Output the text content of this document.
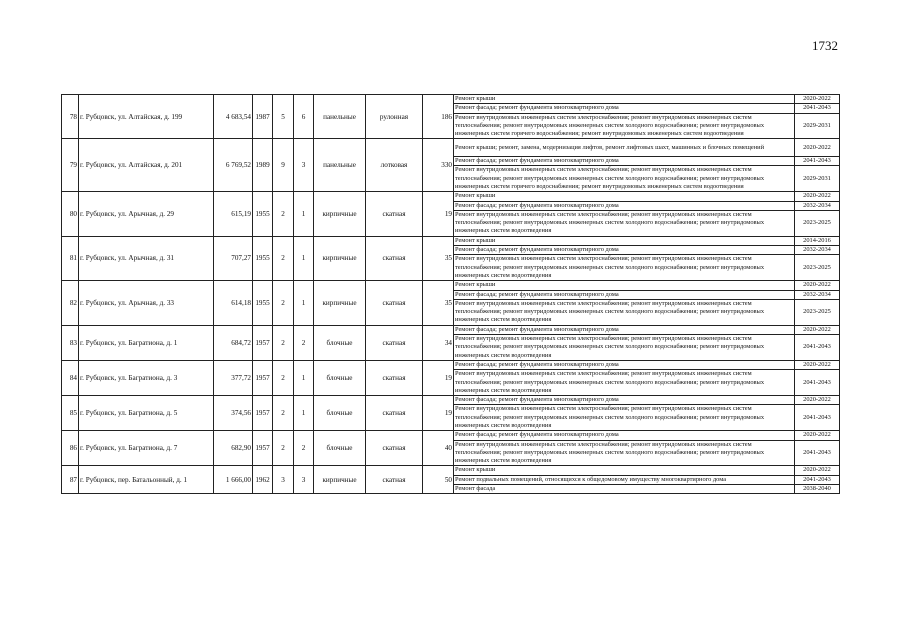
1732
78	г. Рубцовск, ул. Алтайская, д. 199	4 683,54	1987	5	6	панельные	рулонная	186	Ремонт крыши	2020-2022
									Ремонт фасада; ремонт фундамента многоквартирного дома	2041-2043
									Ремонт внутридомовых инженерных систем электроснабжения; ремонт внутридомовых инженерных систем теплоснабжения; ремонт внутридомовых инженерных систем холодного водоснабжения; ремонт внутридомовых инженерных систем горячего водоснабжения; ремонт внутридомовых инженерных систем водоотведения	2029-2031
79	г. Рубцовск, ул. Алтайская, д. 201	6 769,52	1989	9	3	панельные	лотковая	330	Ремонт крыши; ремонт, замена, модернизация лифтов, ремонт лифтовых шахт, машинных и блочных помещений	2020-2022
									Ремонт фасада; ремонт фундамента многоквартирного дома	2041-2043
									Ремонт внутридомовых инженерных систем электроснабжения; ремонт внутридомовых инженерных систем теплоснабжения; ремонт внутридомовых инженерных систем холодного водоснабжения; ремонт внутридомовых инженерных систем горячего водоснабжения; ремонт внутридомовых инженерных систем водоотведения	2029-2031
80	г. Рубцовск, ул. Арычная, д. 29	615,19	1955	2	1	кирпичные	скатная	19	Ремонт крыши	2020-2022
									Ремонт фасада; ремонт фундамента многоквартирного дома	2032-2034
									Ремонт внутридомовых инженерных систем электроснабжения; ремонт внутридомовых инженерных систем теплоснабжения; ремонт внутридомовых инженерных систем холодного водоснабжения; ремонт внутридомовых инженерных систем водоотведения	2023-2025
81	г. Рубцовск, ул. Арычная, д. 31	707,27	1955	2	1	кирпичные	скатная	35	Ремонт крыши	2014-2016
									Ремонт фасада; ремонт фундамента многоквартирного дома	2032-2034
									Ремонт внутридомовых инженерных систем электроснабжения; ремонт внутридомовых инженерных систем теплоснабжения; ремонт внутридомовых инженерных систем холодного водоснабжения; ремонт внутридомовых инженерных систем водоотведения	2023-2025
82	г. Рубцовск, ул. Арычная, д. 33	614,18	1955	2	1	кирпичные	скатная	35	Ремонт крыши	2020-2022
									Ремонт фасада; ремонт фундамента многоквартирного дома	2032-2034
									Ремонт внутридомовых инженерных систем электроснабжения; ремонт внутридомовых инженерных систем теплоснабжения; ремонт внутридомовых инженерных систем холодного водоснабжения; ремонт внутридомовых инженерных систем водоотведения	2023-2025
83	г. Рубцовск, ул. Багратиона, д. 1	684,72	1957	2	2	блочные	скатная	34	Ремонт фасада; ремонт фундамента многоквартирного дома	2020-2022
									Ремонт внутридомовых инженерных систем электроснабжения; ремонт внутридомовых инженерных систем теплоснабжения; ремонт внутридомовых инженерных систем холодного водоснабжения; ремонт внутридомовых инженерных систем водоотведения	2041-2043
84	г. Рубцовск, ул. Багратиона, д. 3	377,72	1957	2	1	блочные	скатная	19	Ремонт фасада; ремонт фундамента многоквартирного дома	2020-2022
									Ремонт внутридомовых инженерных систем электроснабжения; ремонт внутридомовых инженерных систем теплоснабжения; ремонт внутридомовых инженерных систем холодного водоснабжения; ремонт внутридомовых инженерных систем водоотведения	2041-2043
85	г. Рубцовск, ул. Багратиона, д. 5	374,56	1957	2	1	блочные	скатная	19	Ремонт фасада; ремонт фундамента многоквартирного дома	2020-2022
									Ремонт внутридомовых инженерных систем электроснабжения; ремонт внутридомовых инженерных систем теплоснабжения; ремонт внутридомовых инженерных систем холодного водоснабжения; ремонт внутридомовых инженерных систем водоотведения	2041-2043
86	г. Рубцовск, ул. Багратиона, д. 7	682,90	1957	2	2	блочные	скатная	40	Ремонт фасада; ремонт фундамента многоквартирного дома	2020-2022
									Ремонт внутридомовых инженерных систем электроснабжения; ремонт внутридомовых инженерных систем теплоснабжения; ремонт внутридомовых инженерных систем холодного водоснабжения; ремонт внутридомовых инженерных систем водоотведения	2041-2043
87	г. Рубцовск, пер. Батальонный, д. 1	1 666,00	1962	3	3	кирпичные	скатная	50	Ремонт крыши	2020-2022
									Ремонт подвальных помещений, относящихся к общедомовому имуществу многоквартирного дома	2041-2043
									Ремонт фасада	2038-2040
